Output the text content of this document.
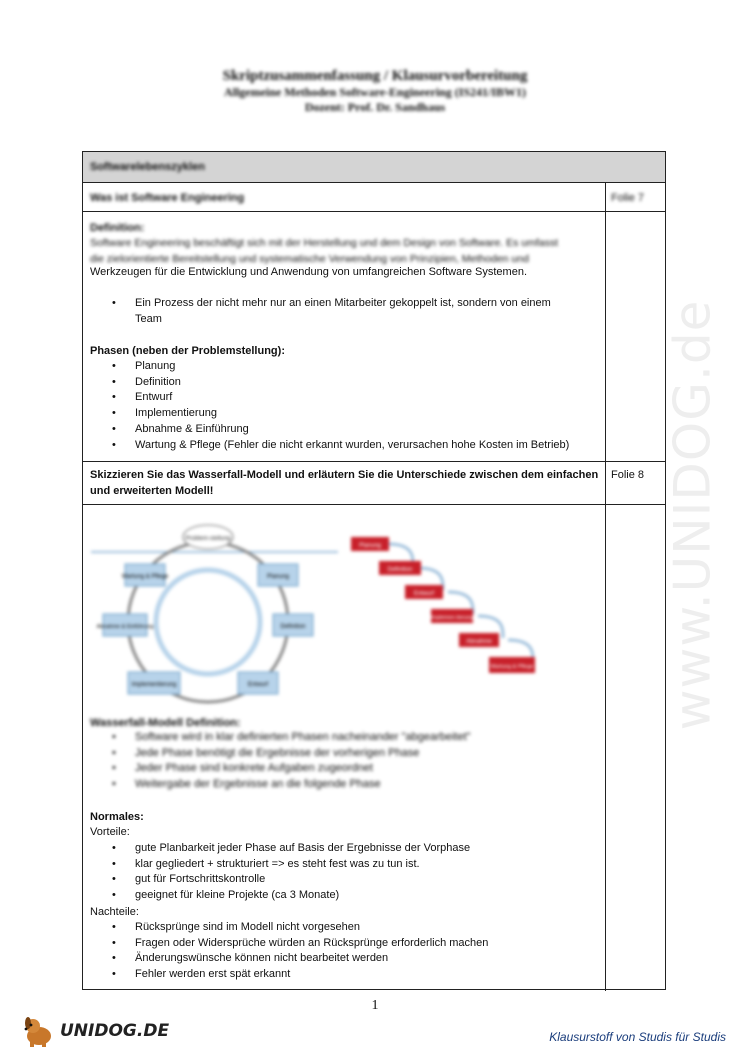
www.UNIDOG.de
Skriptzusammenfassung / Klausurvorbereitung
Allgemeine Methoden Software-Engineering (IS241/IBW1)
Dozent: Prof. Dr. Sandhaus
Softwarelebenszyklen
Was ist Software Engineering	Folie 7
Definition:
Software Engineering beschäftigt sich mit der Herstellung und dem Design von Software. Es umfasst
die zielorientierte Bereitstellung und systematische Verwendung von Prinzipien, Methoden und
Werkzeugen für die Entwicklung und Anwendung von umfangreichen Software Systemen.
• Ein Prozess der nicht mehr nur an einen Mitarbeiter gekoppelt ist, sondern von einem Team
Phasen (neben der Problemstellung):
• Planung
• Definition
• Entwurf
• Implementierung
• Abnahme & Einführung
• Wartung & Pflege (Fehler die nicht erkannt wurden, verursachen hohe Kosten im Betrieb)
Skizzieren Sie das Wasserfall-Modell und erläutern Sie die Unterschiede zwischen dem einfachen und erweiterten Modell!
Folie 8
Problem-stellung
Planung
Definition
Entwurf
Implementierung
Abnahme & Einführung
Wartung & Pflege
Planung
Definition
Entwurf
Implemen-tierung
Abnahme
Wartung & Pflege
Wasserfall-Modell Definition:
• Software wird in klar definierten Phasen nacheinander "abgearbeitet"
• Jede Phase benötigt die Ergebnisse der vorherigen Phase
• Jeder Phase sind konkrete Aufgaben zugeordnet
• Weitergabe der Ergebnisse an die folgende Phase
Normales:
Vorteile:
• gute Planbarkeit jeder Phase auf Basis der Ergebnisse der Vorphase
• klar gegliedert + strukturiert => es steht fest was zu tun ist.
• gut für Fortschrittskontrolle
• geeignet für kleine Projekte (ca 3 Monate)
Nachteile:
• Rücksprünge sind im Modell nicht vorgesehen
• Fragen oder Widersprüche würden an Rücksprünge erforderlich machen
• Änderungswünsche können nicht bearbeitet werden
• Fehler werden erst spät erkannt
1
UNIDOG.DE	Klausurstoff von Studis für Studis
